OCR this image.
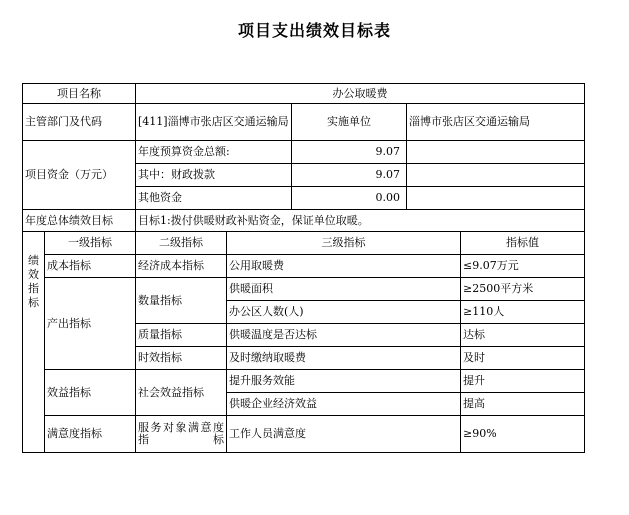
项目支出绩效目标表
项目名称		办公取暖费				
主管部门及代码		[411]淄博市张店区交通运输局		实施单位	淄博市张店区交通运输局	
项目资金（万元）		年度预算资金总额:		9.07		
		其中：财政拨款		9.07		
		其他资金		0.00		
年度总体绩效目标		目标1:拨付供暖财政补贴资金，保证单位取暖。				

绩
效
指
标	一级指标	二级指标	三级指标			指标值
	成本指标	经济成本指标	公用取暖费			≤9.07万元
	产出指标	数量指标	供暖面积			≥2500平方米
			办公区人数(人)			≥110人
		质量指标	供暖温度是否达标			达标
		时效指标	及时缴纳取暖费			及时
	效益指标	社会效益指标	提升服务效能			提升
			供暖企业经济效益			提高
	满意度指标	服务对象满意度指标	工作人员满意度			≥90%
